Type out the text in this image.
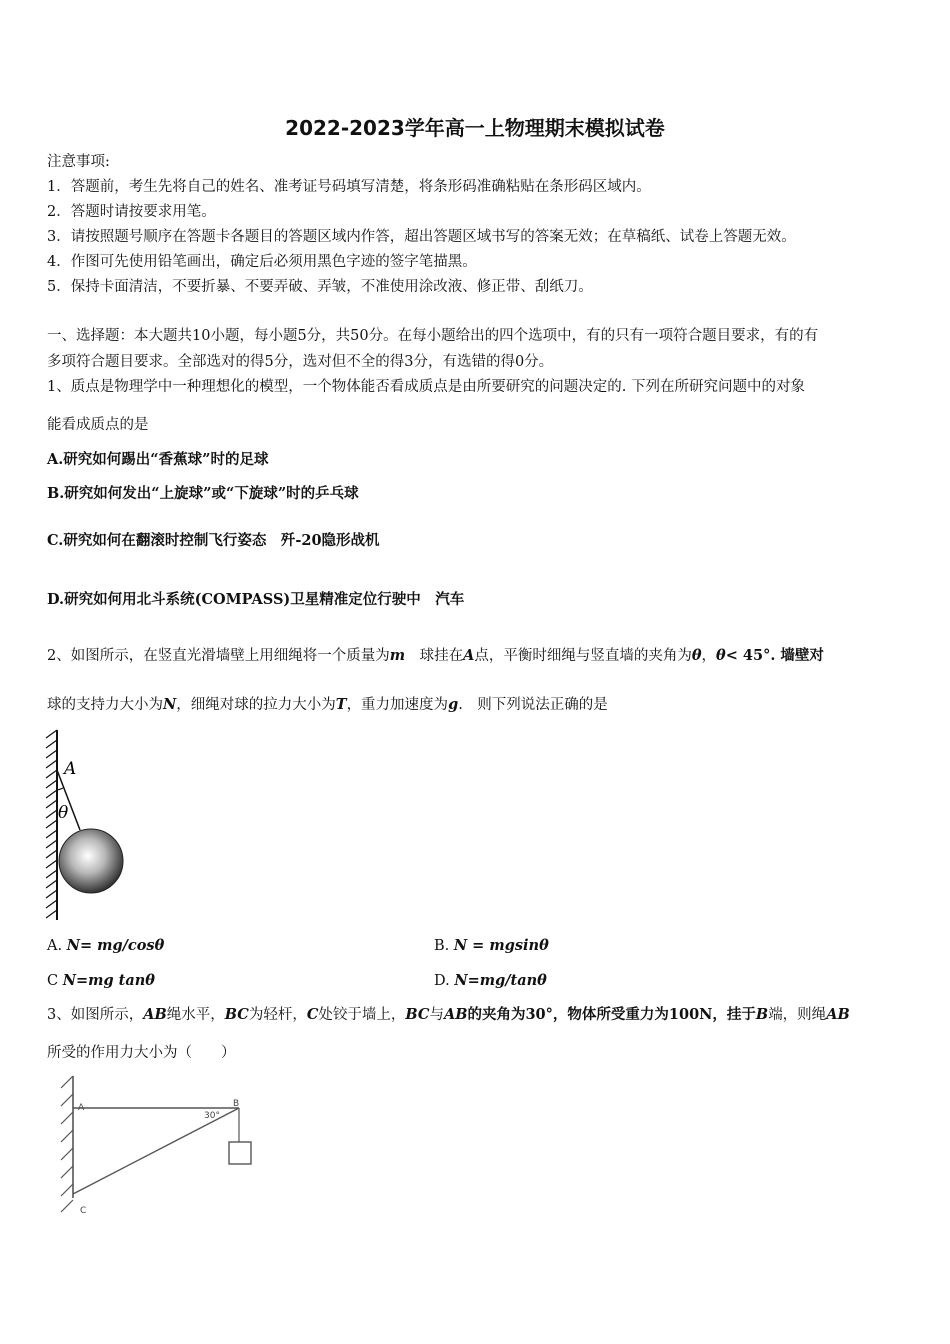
2022-2023学年高一上物理期末模拟试卷
注意事项:
1．答题前，考生先将自己的姓名、准考证号码填写清楚，将条形码准确粘贴在条形码区域内。
2．答题时请按要求用笔。
3．请按照题号顺序在答题卡各题目的答题区域内作答，超出答题区域书写的答案无效；在草稿纸、试卷上答题无效。
4．作图可先使用铅笔画出，确定后必须用黑色字迹的签字笔描黑。
5．保持卡面清洁，不要折暴、不要弄破、弄皱，不准使用涂改液、修正带、刮纸刀。
一、选择题：本大题共10小题，每小题5分，共50分。在每小题给出的四个选项中，有的只有一项符合题目要求，有的有
多项符合题目要求。全部选对的得5分，选对但不全的得3分，有选错的得0分。
1、质点是物理学中一种理想化的模型，一个物体能否看成质点是由所要研究的问题决定的. 下列在所研究问题中的对象
能看成质点的是
A.研究如何踢出“香蕉球”时的足球
B.研究如何发出“上旋球”或“下旋球”时的乒乓球
C.研究如何在翻滚时控制飞行姿态　歼-20隐形战机
D.研究如何用北斗系统(COMPASS)卫星精准定位行驶中　汽车
2、如图所示，在竖直光滑墙壁上用细绳将一个质量为m　球挂在A点，平衡时细绳与竖直墙的夹角为θ，θ< 45°. 墙壁对
球的支持力大小为N，细绳对球的拉力大小为T，重力加速度为g.　则下列说法正确的是
A
θ
A. N= mg/cosθ	B. N = mgsinθ
C N=mg tanθ	D. N=mg/tanθ
3、如图所示，AB绳水平，BC为轻杆，C处铰于墙上，BC与AB的夹角为30°，物体所受重力为100N，挂于B端，则绳AB
所受的作用力大小为（　　）
A	B
C
30°
